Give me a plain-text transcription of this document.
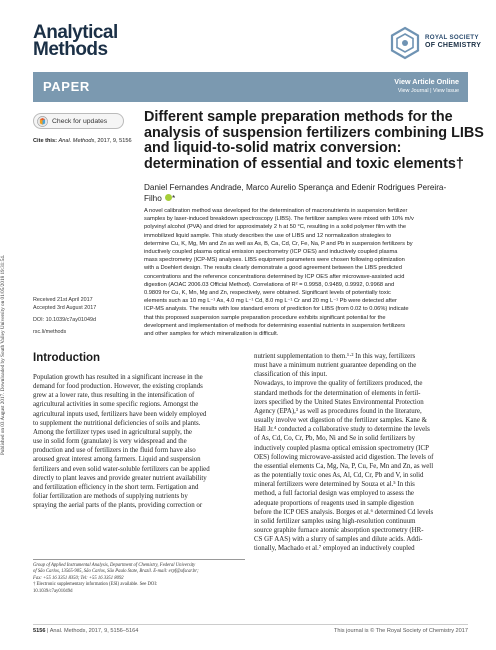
Published on 03 August 2017. Downloaded by South Valley University on 01/05/2018 19:31:54.
Analytical
Methods
ROYAL SOCIETY
OF CHEMISTRY
PAPER	View Article Online
View Journal | View Issue
Check for updates
Cite this: Anal. Methods, 2017, 9, 5156
Different sample preparation methods for the
analysis of suspension fertilizers combining LIBS
and liquid-to-solid matrix conversion:
determination of essential and toxic elements†
Daniel Fernandes Andrade, Marco Aurelio Sperança and Edenir Rodrigues Pereira-
Filho *
A novel calibration method was developed for the determination of macronutrients in suspension fertilizer
samples by laser-induced breakdown spectroscopy (LIBS). The fertilizer samples were mixed with 10% m/v
polyvinyl alcohol (PVA) and dried for approximately 2 h at 50 °C, resulting in a solid polymer film with the
immobilized liquid sample. This study describes the use of LIBS and 12 normalization strategies to
determine Cu, K, Mg, Mn and Zn as well as As, B, Ca, Cd, Cr, Fe, Na, P and Pb in suspension fertilizers by
inductively coupled plasma optical emission spectrometry (ICP OES) and inductively coupled plasma
mass spectrometry (ICP-MS) analyses. LIBS equipment parameters were chosen following optimization
with a Doehlert design. The results clearly demonstrate a good agreement between the LIBS predicted
concentrations and the reference concentrations determined by ICP OES after microwave-assisted acid
digestion (AOAC 2006.03 Official Method). Correlations of R² = 0.9958, 0.9489, 0.9992, 0.9968 and
0.9809 for Cu, K, Mn, Mg and Zn, respectively, were obtained. Significant levels of potentially toxic
elements such as 10 mg L⁻¹ As, 4.0 mg L⁻¹ Cd, 8.0 mg L⁻¹ Cr and 20 mg L⁻¹ Pb were detected after
ICP-MS analysis. The results with low standard errors of prediction for LIBS (from 0.02 to 0.06%) indicate
that this proposed suspension sample preparation procedure exhibits significant potential for the
development and implementation of methods for determining essential nutrients in suspension fertilizers
and other samples for which mineralization is difficult.
Received 21st April 2017
Accepted 3rd August 2017
DOI: 10.1039/c7ay01049d
rsc.li/methods
Introduction
Population growth has resulted in a significant increase in the
demand for food production. However, the existing croplands
grew at a lower rate, thus resulting in the intensification of
agricultural activities in some specific regions. Amongst the
agricultural inputs used, fertilizers have been widely employed
to supplement the nutritional deficiencies of soils and plants.
Among the fertilizer types used in agricultural supply, the
use in solid form (granulate) is very widespread and the
production and use of fertilizers in the fluid form have also
aroused great interest among farmers. Liquid and suspension
fertilizers and even solid water-soluble fertilizers can be applied
directly to plant leaves and provide greater nutrient availability
and fertilization efficiency in the short term. Fertigation and
foliar fertilization are methods of supplying nutrients by
spraying the aerial parts of the plants, providing correction or
Group of Applied Instrumental Analysis, Department of Chemistry, Federal University
of São Carlos, 13565-905, São Carlos, São Paulo State, Brazil. E-mail: erpf@ufscar.br;
Fax: +55 16 3351 8350; Tel: +55 16 3351 8092
† Electronic supplementary information (ESI) available. See DOI:
10.1039/c7ay01049d
nutrient supplementation to them.¹·² In this way, fertilizers
must have a minimum nutrient guarantee depending on the
classification of this input.
Nowadays, to improve the quality of fertilizers produced, the
standard methods for the determination of elements in fertil-
izers specified by the United States Environmental Protection
Agency (EPA),³ as well as procedures found in the literature,
usually involve wet digestion of the fertilizer samples. Kane &
Hall Jr.⁴ conducted a collaborative study to determine the levels
of As, Cd, Co, Cr, Pb, Mo, Ni and Se in solid fertilizers by
inductively coupled plasma optical emission spectrometry (ICP
OES) following microwave-assisted acid digestion. The levels of
the essential elements Ca, Mg, Na, P, Cu, Fe, Mn and Zn, as well
as the potentially toxic ones As, Al, Cd, Cr, Pb and V, in solid
mineral fertilizers were determined by Souza et al.⁵ In this
method, a full factorial design was employed to assess the
adequate proportions of reagents used in sample digestion
before the ICP OES analysis. Borges et al.⁶ determined Cd levels
in solid fertilizer samples using high-resolution continuum
source graphite furnace atomic absorption spectrometry (HR-
CS GF AAS) with a slurry of samples and dilute acids. Addi-
tionally, Machado et al.⁷ employed an inductively coupled
5156 | Anal. Methods, 2017, 9, 5156–5164	This journal is © The Royal Society of Chemistry 2017
